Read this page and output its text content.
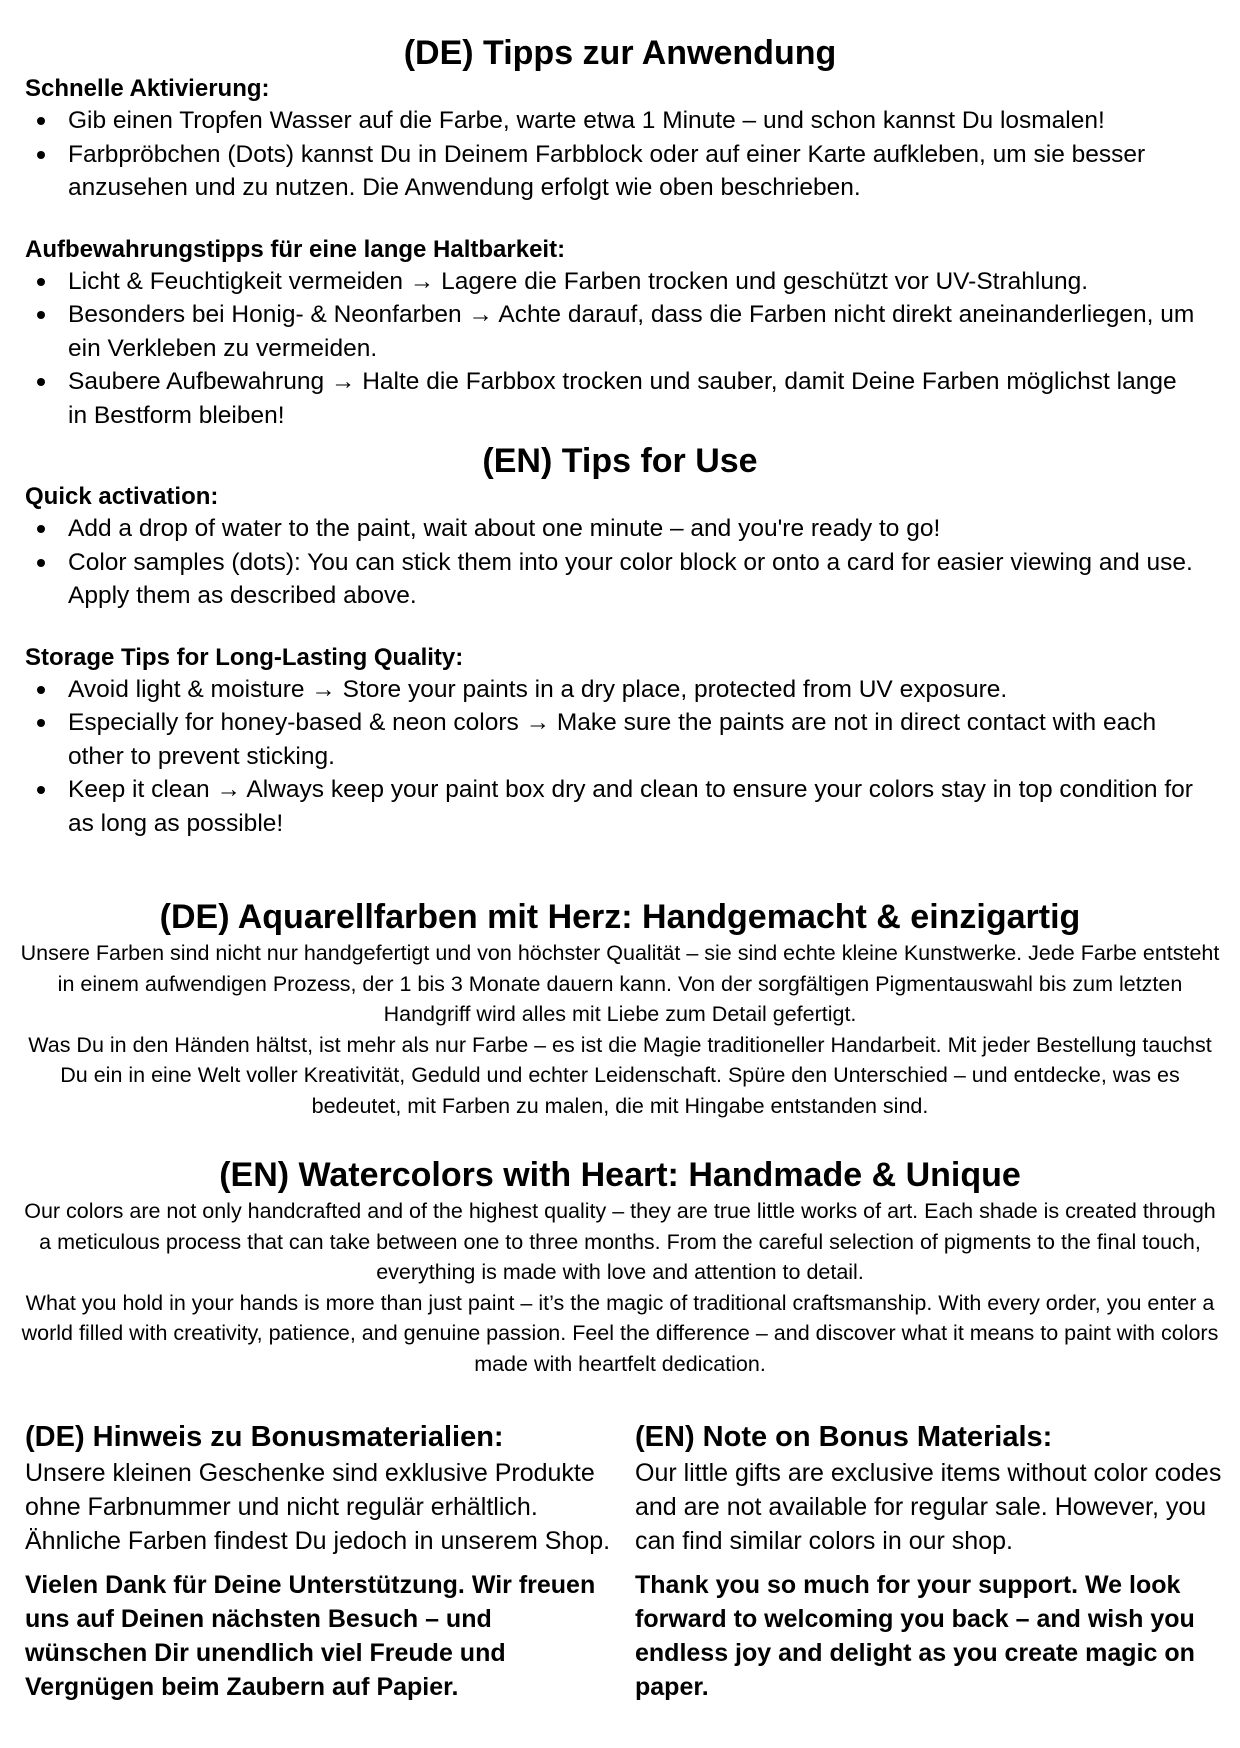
(DE) Tipps zur Anwendung

Schnelle Aktivierung:

Gib einen Tropfen Wasser auf die Farbe, warte etwa 1 Minute – und schon kannst Du losmalen!
Farbpröbchen (Dots) kannst Du in Deinem Farbblock oder auf einer Karte aufkleben, um sie besser anzusehen und zu nutzen. Die Anwendung erfolgt wie oben beschrieben.

Aufbewahrungstipps für eine lange Haltbarkeit:

Licht & Feuchtigkeit vermeiden → Lagere die Farben trocken und geschützt vor UV-Strahlung.
Besonders bei Honig- & Neonfarben → Achte darauf, dass die Farben nicht direkt aneinanderliegen, um ein Verkleben zu vermeiden.
Saubere Aufbewahrung → Halte die Farbbox trocken und sauber, damit Deine Farben möglichst lange in Bestform bleiben!
(EN) Tips for Use

Quick activation:

Add a drop of water to the paint, wait about one minute – and you're ready to go!
Color samples (dots): You can stick them into your color block or onto a card for easier viewing and use. Apply them as described above.

Storage Tips for Long-Lasting Quality:

Avoid light & moisture → Store your paints in a dry place, protected from UV exposure.
Especially for honey-based & neon colors → Make sure the paints are not in direct contact with each other to prevent sticking.
Keep it clean → Always keep your paint box dry and clean to ensure your colors stay in top condition for as long as possible!
(DE) Aquarellfarben mit Herz: Handgemacht & einzigartig

Unsere Farben sind nicht nur handgefertigt und von höchster Qualität – sie sind echte kleine Kunstwerke. Jede Farbe entsteht in einem aufwendigen Prozess, der 1 bis 3 Monate dauern kann. Von der sorgfältigen Pigmentauswahl bis zum letzten Handgriff wird alles mit Liebe zum Detail gefertigt.

Was Du in den Händen hältst, ist mehr als nur Farbe – es ist die Magie traditioneller Handarbeit. Mit jeder Bestellung tauchst Du ein in eine Welt voller Kreativität, Geduld und echter Leidenschaft. Spüre den Unterschied – und entdecke, was es bedeutet, mit Farben zu malen, die mit Hingabe entstanden sind.

(EN) Watercolors with Heart: Handmade & Unique

Our colors are not only handcrafted and of the highest quality – they are true little works of art. Each shade is created through a meticulous process that can take between one to three months. From the careful selection of pigments to the final touch, everything is made with love and attention to detail.

What you hold in your hands is more than just paint – it’s the magic of traditional craftsmanship. With every order, you enter a world filled with creativity, patience, and genuine passion. Feel the difference – and discover what it means to paint with colors made with heartfelt dedication.

(DE) Hinweis zu Bonusmaterialien:

Unsere kleinen Geschenke sind exklusive Produkte ohne Farbnummer und nicht regulär erhältlich. Ähnliche Farben findest Du jedoch in unserem Shop.

Vielen Dank für Deine Unterstützung. Wir freuen uns auf Deinen nächsten Besuch – und wünschen Dir unendlich viel Freude und Vergnügen beim Zaubern auf Papier.

(EN) Note on Bonus Materials:

Our little gifts are exclusive items without color codes and are not available for regular sale. However, you can find similar colors in our shop.

Thank you so much for your support. We look forward to welcoming you back – and wish you endless joy and delight as you create magic on paper.
